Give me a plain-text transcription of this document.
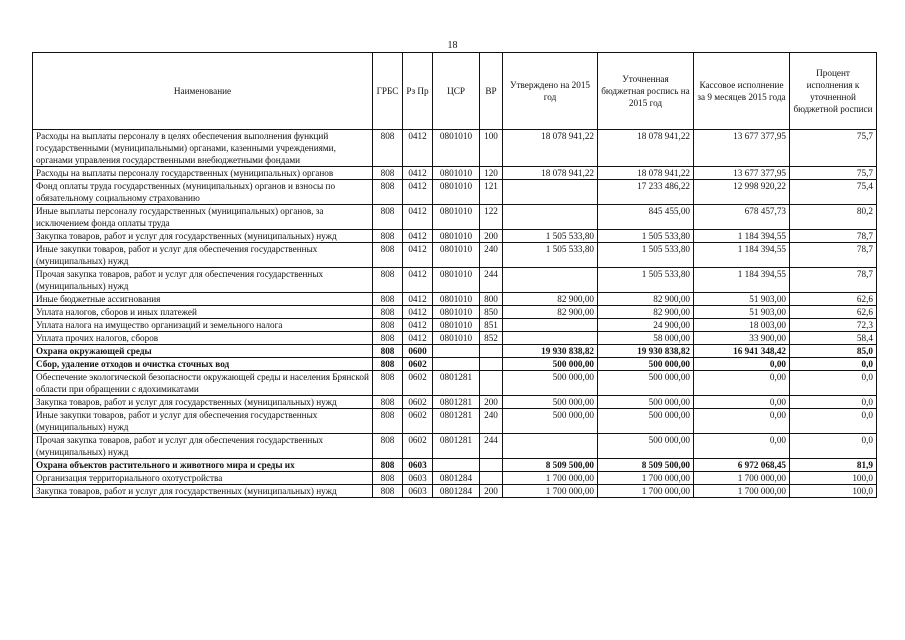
18
Наименование	ГРБС	Рз Пр	ЦСР	ВР	Утверждено на 2015 год	Уточненная бюджетная роспись на 2015 год	Кассовое исполнение за 9 месяцев 2015 года	Процент исполнения к уточненной бюджетной росписи
Расходы на выплаты персоналу в целях обеспечения выполнения функций государственными (муниципальными) органами, казенными учреждениями, органами управления государственными внебюджетными фондами	808	0412	0801010	100	18 078 941,22	18 078 941,22	13 677 377,95	75,7
Расходы на выплаты персоналу государственных (муниципальных) органов	808	0412	0801010	120	18 078 941,22	18 078 941,22	13 677 377,95	75,7
Фонд оплаты труда государственных (муниципальных) органов и взносы по обязательному социальному страхованию	808	0412	0801010	121		17 233 486,22	12 998 920,22	75,4
Иные выплаты персоналу государственных (муниципальных) органов, за исключением фонда оплаты труда	808	0412	0801010	122		845 455,00	678 457,73	80,2
Закупка товаров, работ и услуг для государственных (муниципальных) нужд	808	0412	0801010	200	1 505 533,80	1 505 533,80	1 184 394,55	78,7
Иные закупки товаров, работ и услуг для обеспечения государственных (муниципальных) нужд	808	0412	0801010	240	1 505 533,80	1 505 533,80	1 184 394,55	78,7
Прочая закупка товаров, работ и услуг для обеспечения государственных (муниципальных) нужд	808	0412	0801010	244		1 505 533,80	1 184 394,55	78,7
Иные бюджетные ассигнования	808	0412	0801010	800	82 900,00	82 900,00	51 903,00	62,6
Уплата налогов, сборов и иных платежей	808	0412	0801010	850	82 900,00	82 900,00	51 903,00	62,6
Уплата налога на имущество организаций и земельного налога	808	0412	0801010	851		24 900,00	18 003,00	72,3
Уплата прочих налогов, сборов	808	0412	0801010	852		58 000,00	33 900,00	58,4
Охрана окружающей среды	808	0600			19 930 838,82	19 930 838,82	16 941 348,42	85,0
Сбор, удаление отходов и очистка сточных вод	808	0602			500 000,00	500 000,00	0,00	0,0
Обеспечение экологической безопасности окружающей среды и населения Брянской области при обращении с ядохимикатами	808	0602	0801281		500 000,00	500 000,00	0,00	0,0
Закупка товаров, работ и услуг для государственных (муниципальных) нужд	808	0602	0801281	200	500 000,00	500 000,00	0,00	0,0
Иные закупки товаров, работ и услуг для обеспечения государственных (муниципальных) нужд	808	0602	0801281	240	500 000,00	500 000,00	0,00	0,0
Прочая закупка товаров, работ и услуг для обеспечения государственных (муниципальных) нужд	808	0602	0801281	244		500 000,00	0,00	0,0
Охрана объектов растительного и животного мира и среды их	808	0603			8 509 500,00	8 509 500,00	6 972 068,45	81,9
Организация территориального охотустройства	808	0603	0801284		1 700 000,00	1 700 000,00	1 700 000,00	100,0
Закупка товаров, работ и услуг для государственных (муниципальных) нужд	808	0603	0801284	200	1 700 000,00	1 700 000,00	1 700 000,00	100,0
